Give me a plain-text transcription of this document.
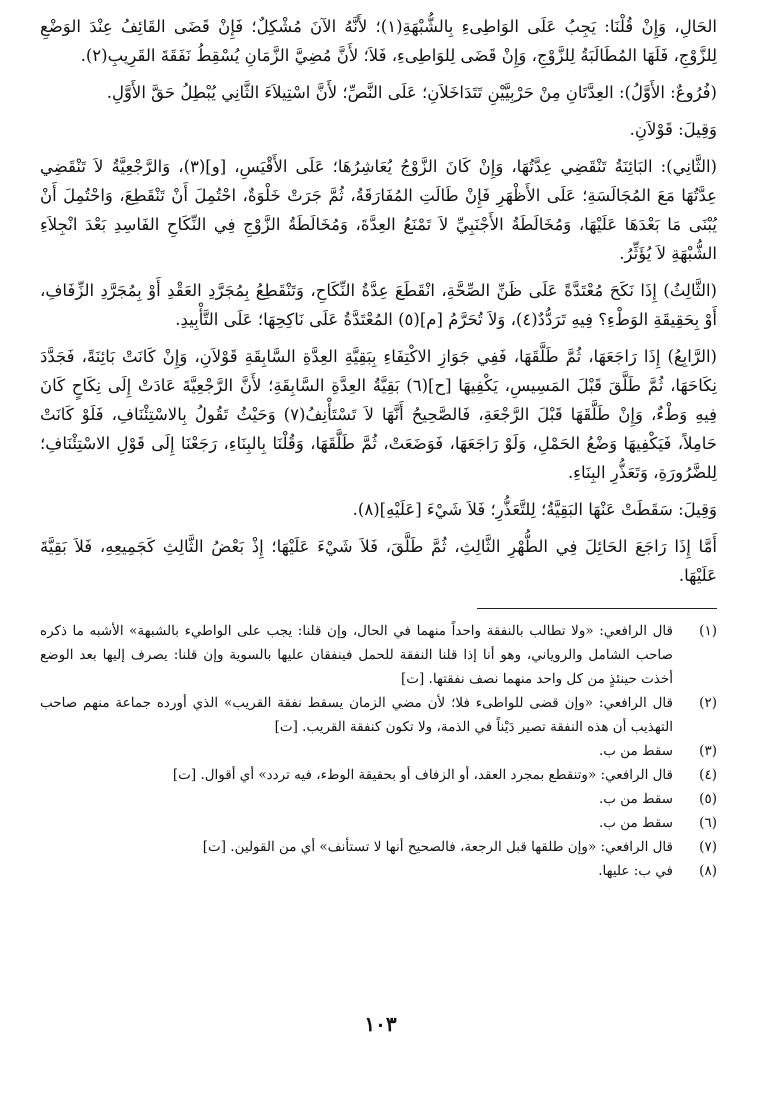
الحَالِ، وَإِنْ قُلْنَا: يَجِبُ عَلَى الوَاطِىءِ بِالشُّبْهَةِ(١)؛ لأَنَّهُ الآنَ مُشْكِلٌ؛ فَإِنْ قَضَى القَائِفُ عِنْدَ الوَضْعِ لِلزَّوْجِ، فَلَهَا المُطَالَبَةُ لِلزَّوْجِ، وَإِنْ قَضَى لِلوَاطِىءِ، فَلاَ؛ لأَنَّ مُضِيَّ الزَّمَانِ يُسْقِطُ نَفَقَةَ القَرِيبِ(٢).

(فُرُوعٌ: الأَوَّلُ): العِدَّتَانِ مِنْ حَرْبِيَّيْنِ تَتَدَاخَلاَنِ؛ عَلَى النَّصِّ؛ لأَنَّ اسْتِيلاَءَ الثَّانِي يُبْطِلُ حَقَّ الأَوَّلِ.

وَقِيلَ: قَوْلاَنِ.

(الثَّانِي): البَائِنَةُ تَنْقَضِي عِدَّتُهَا، وَإِنْ كَانَ الزَّوْجُ يُعَاشِرُهَا؛ عَلَى الأَقْيَسِ، [و](٣)، وَالرَّجْعِيَّةُ لاَ تَنْقَضِي عِدَّتُهَا مَعَ المُجَالَسَةِ؛ عَلَى الأَظْهَرِ فَإِنْ طَالَتِ المُفَارَقَةُ، ثُمَّ جَرَتْ خَلْوَةٌ، احْتُمِلَ أَنْ تَنْقَطِعَ، وَاحْتُمِلَ أَنْ يُبْنَى مَا بَعْدَهَا عَلَيْهَا، وَمُخَالَطَةُ الأَجْنَبِيِّ لاَ تَمْنَعُ العِدَّةَ، وَمُخَالَطَةُ الزَّوْجِ فِي النِّكَاحِ الفَاسِدِ بَعْدَ انْجِلاَءِ الشُّبْهَةِ لاَ يُؤَثِّرُ.

(الثَّالِثُ) إِذَا نَكَحَ مُعْتَدَّةً عَلَى ظَنِّ الصِّحَّةِ، انْقَطَعَ عِدَّةُ النِّكَاحِ، وَتَنْقَطِعُ بِمُجَرَّدِ العَقْدِ أَوْ بِمُجَرَّدِ الزِّفَافِ، أَوْ بِحَقِيقَةِ الوَطْءِ؟ فِيهِ تَرَدُّدٌ(٤)، وَلاَ تُحَرَّمُ [م](٥) المُعْتَدَّةُ عَلَى نَاكِحِهَا؛ عَلَى التَّأْبِيدِ.

(الرَّابِعُ) إِذَا رَاجَعَهَا، ثُمَّ طَلَّقَهَا، فَفِي جَوَازِ الاكْتِفَاءِ بِبَقِيَّةِ العِدَّةِ السَّابِقَةِ قَوْلاَنِ، وَإِنْ كَانَتْ بَائِنَةً، فَجَدَّدَ نِكَاحَهَا، ثُمَّ طَلَّقَ قَبْلَ المَسِيسِ، يَكْفِيهَا [ح](٦) بَقِيَّةُ العِدَّةِ السَّابِقَةِ؛ لأَنَّ الرَّجْعِيَّةَ عَادَتْ إِلَى نِكَاحٍ كَانَ فِيهِ وَطْءٌ، وَإِنْ طَلَّقَهَا قَبْلَ الرَّجْعَةِ، فَالصَّحِيحُ أَنَّهَا لاَ تَسْتَأْنِفُ(٧) وَحَيْثُ تَقُولُ بِالاسْتِئْنَافِ، فَلَوْ كَانَتْ حَامِلاً، فَيَكْفِيهَا وَضْعُ الحَمْلِ، وَلَوْ رَاجَعَهَا، فَوَضَعَتْ، ثُمَّ طَلَّقَهَا، وَقُلْنَا بِالبِنَاءِ، رَجَعْنَا إِلَى قَوْلِ الاسْتِئْنَافِ؛ لِلضَّرُورَةِ، وَتَعَذُّرِ البِنَاءِ.

وَقِيلَ: سَقَطَتْ عَنْهَا البَقِيَّةُ؛ لِلتَّعَذُّرِ؛ فَلاَ شَيْءَ [عَلَيْهِ](٨).

أَمَّا إِذَا رَاجَعَ الحَائِلَ فِي الطُّهْرِ الثَّالِثِ، ثُمَّ طَلَّقَ، فَلاَ شَيْءَ عَلَيْهَا؛ إِذْ بَعْضُ الثَّالِثِ كَجَمِيعِهِ، فَلاَ بَقِيَّةَ عَلَيْهَا.

(١)
قال الرافعي: «ولا تطالب بالنفقة واحداً منهما في الحال، وإن قلنا: يجب على الواطيء بالشبهة» الأشبه ما ذكره صاحب الشامل والروياني، وهو أنا إذا قلنا النفقة للحمل فينفقان عليها بالسوية وإن قلنا: يصرف إليها بعد الوضع أخذت حينئذٍ من كل واحد منهما نصف نفقتها. [ت]
(٢)
قال الرافعي: «وإن قضى للواطىء فلا؛ لأن مضي الزمان يسقط نفقة القريب» الذي أورده جماعة منهم صاحب التهذيب أن هذه النفقة تصير دَيْناً في الذمة، ولا تكون كنفقة القريب. [ت]
(٣)
سقط من ب.
(٤)
قال الرافعي: «وتنقطع بمجرد العقد، أو الزفاف أو بحقيقة الوطء، فيه تردد» أي أقوال. [ت]
(٥)
سقط من ب.
(٦)
سقط من ب.
(٧)
قال الرافعي: «وإن طلقها قبل الرجعة، فالصحيح أنها لا تستأنف» أي من القولين. [ت]
(٨)
في ب: عليها.
١٠٣
